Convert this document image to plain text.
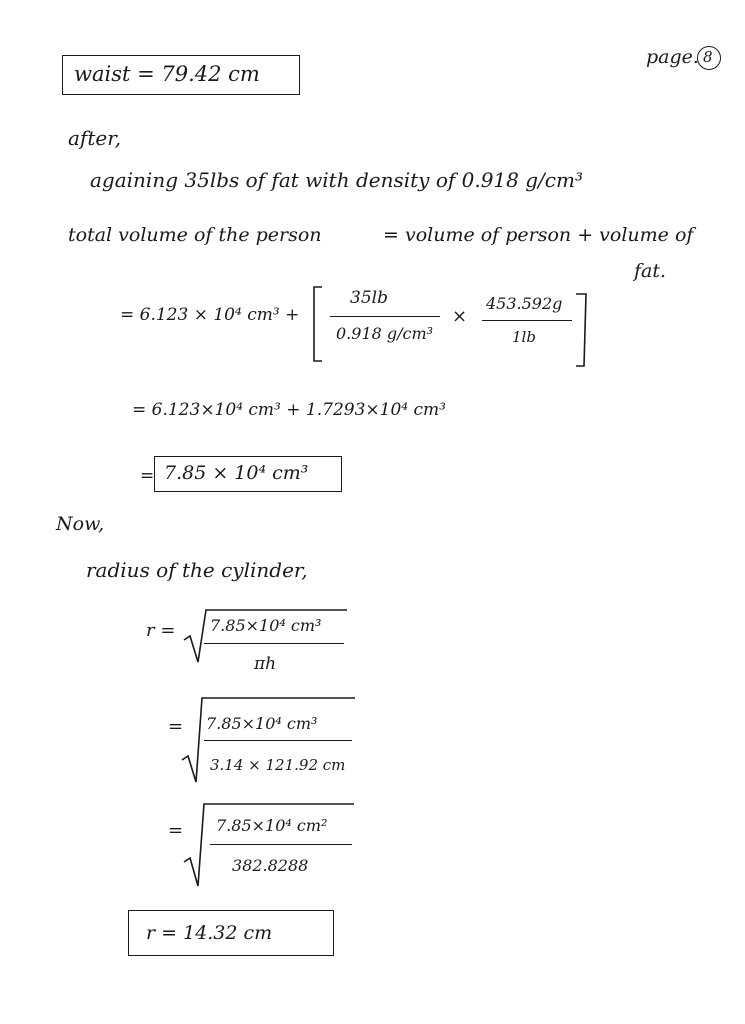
waist = 79.42 cm
page. 8
after,
againing 35lbs of fat with density of 0.918 g/cm³
total volume of the person	= volume of person + volume of
fat.
= 6.123 × 10⁴ cm³ +
35lb
0.918 g/cm³
×
453.592g
1lb
= 6.123×10⁴ cm³ + 1.7293×10⁴ cm³
= 7.85 × 10⁴ cm³
Now,
radius of the cylinder,
r = 7.85×10⁴ cm³
πh
= 7.85×10⁴ cm³
3.14 × 121.92 cm
= 7.85×10⁴ cm²
382.8288
r = 14.32 cm
